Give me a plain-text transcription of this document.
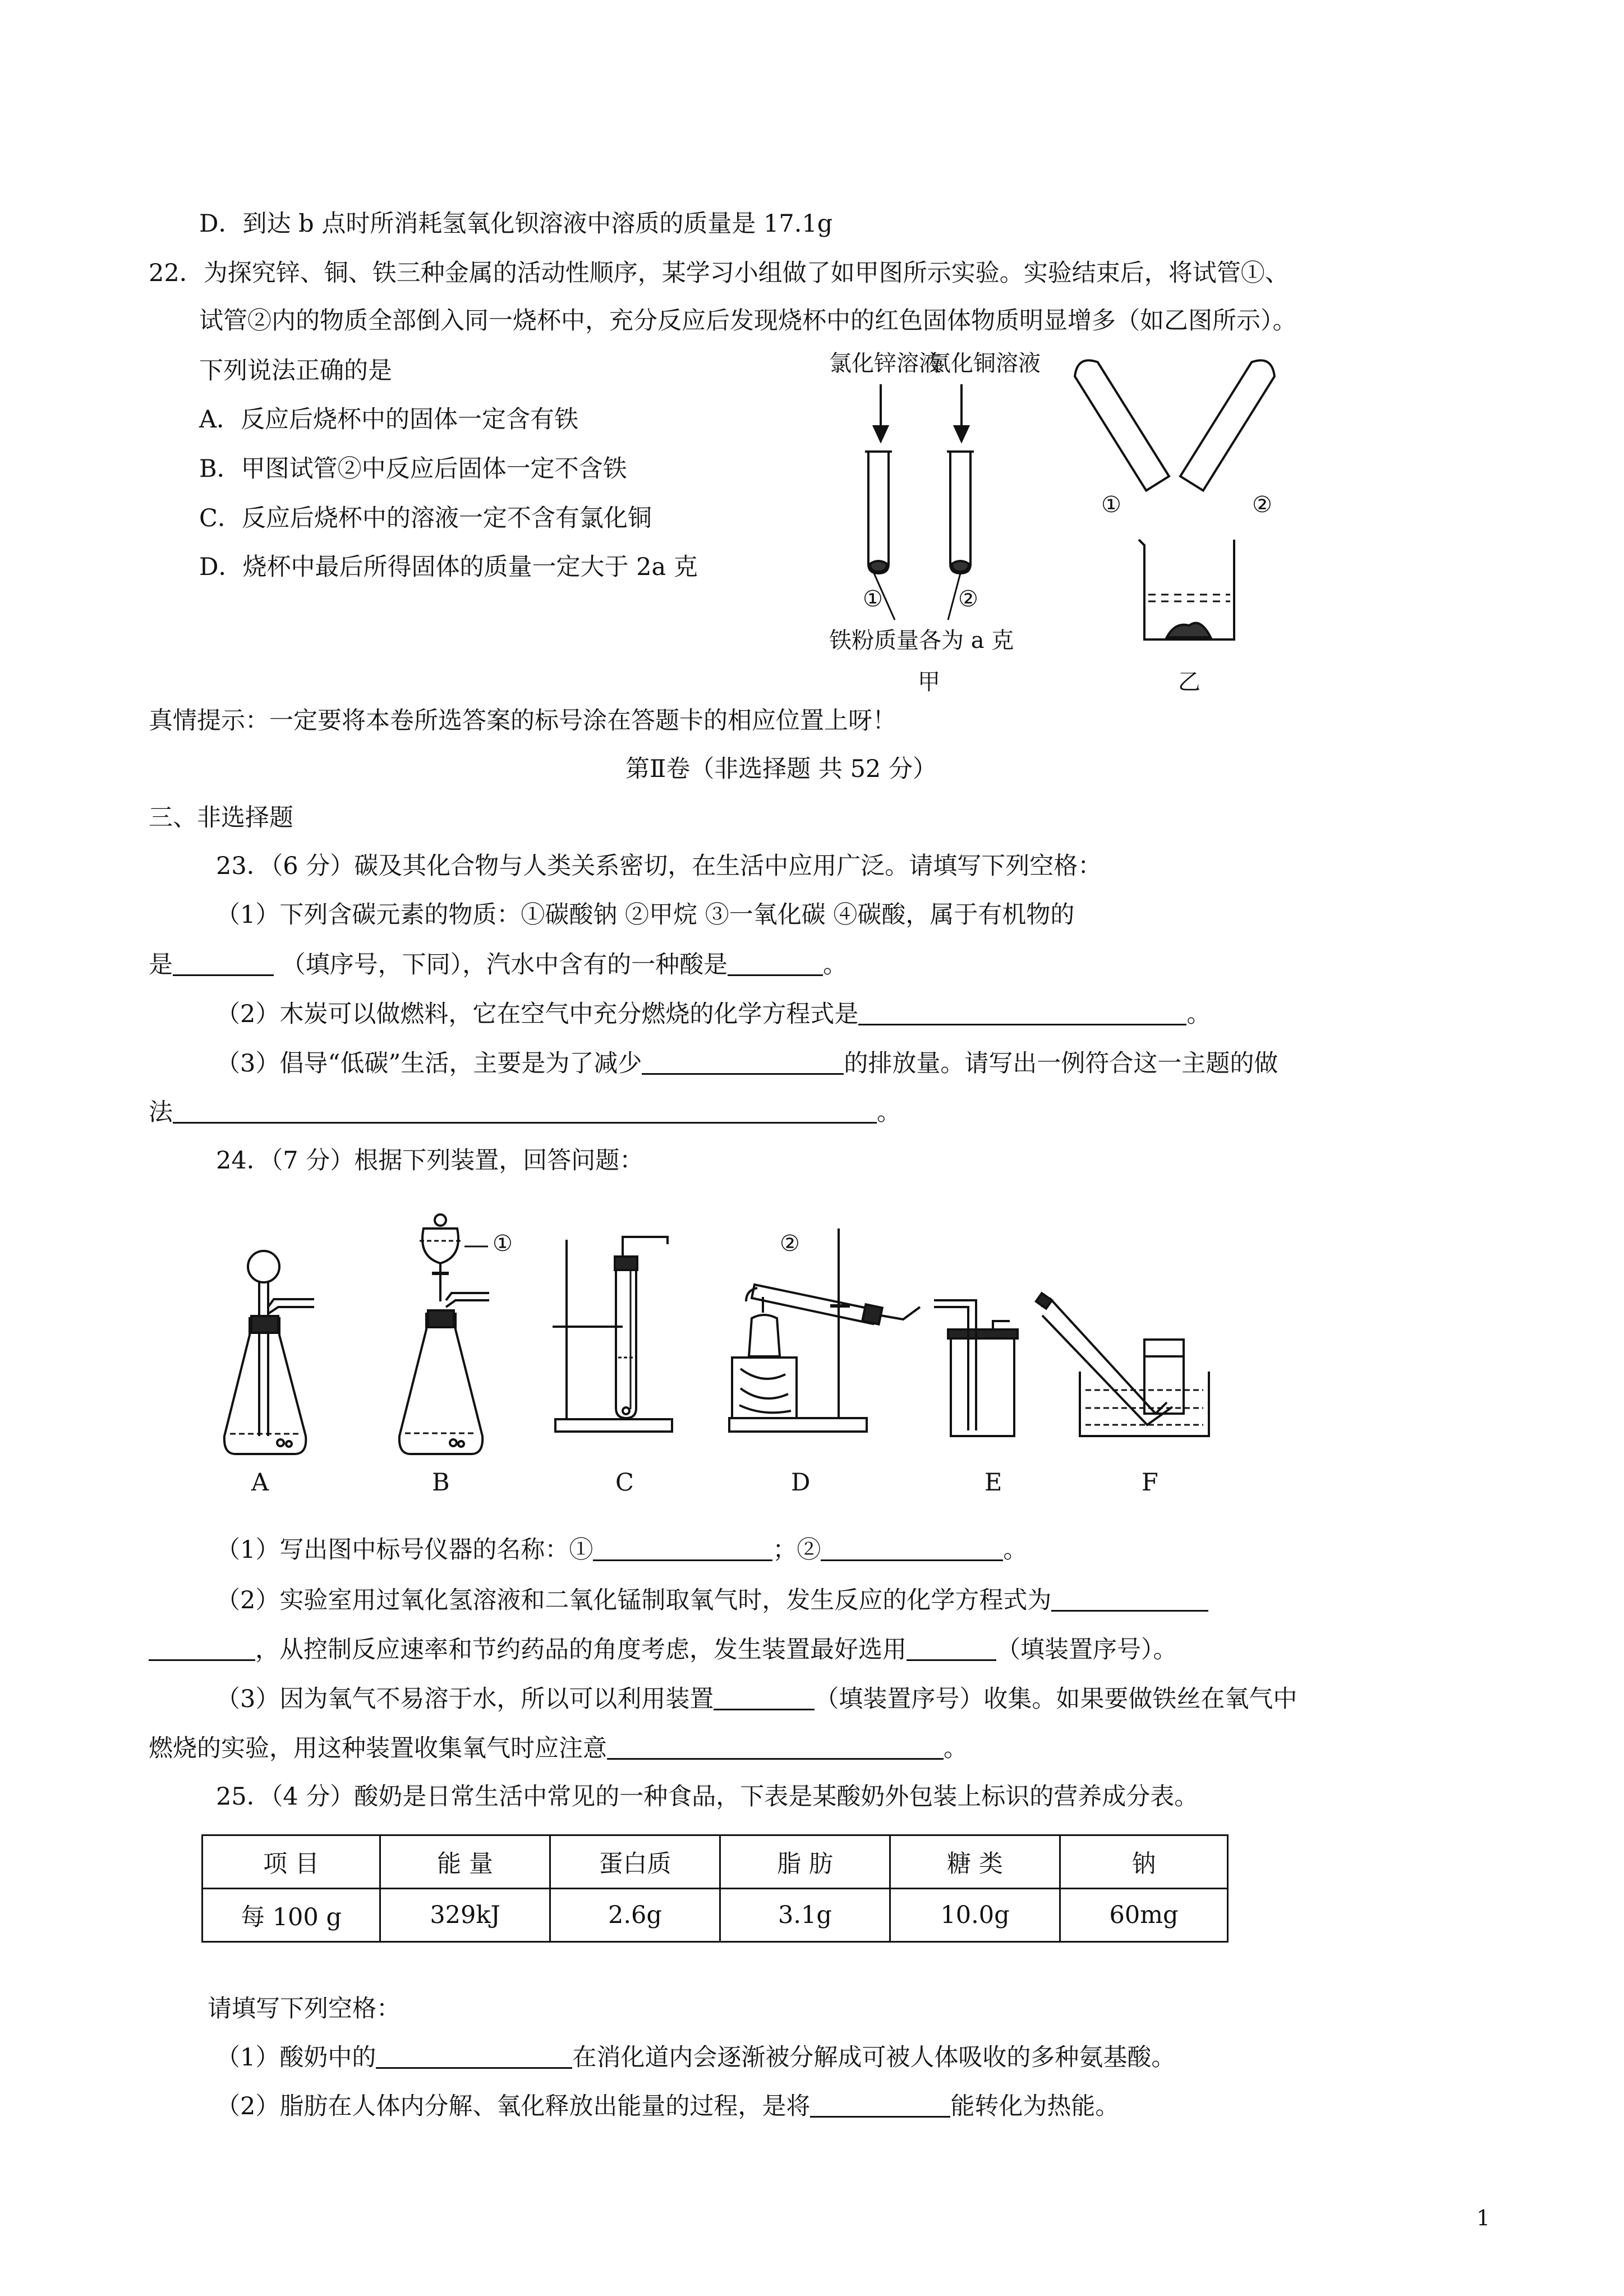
D．到达 b 点时所消耗氢氧化钡溶液中溶质的质量是 17.1g
22．为探究锌、铜、铁三种金属的活动性顺序，某学习小组做了如甲图所示实验。实验结束后，将试管①、
试管②内的物质全部倒入同一烧杯中，充分反应后发现烧杯中的红色固体物质明显增多（如乙图所示）。
下列说法正确的是
A．反应后烧杯中的固体一定含有铁
B．甲图试管②中反应后固体一定不含铁
C．反应后烧杯中的溶液一定不含有氯化铜
D．烧杯中最后所得固体的质量一定大于 2a 克
氯化锌溶液
氯化铜溶液
①	②
铁粉质量各为 a 克
甲	乙
①	②
真情提示：一定要将本卷所选答案的标号涂在答题卡的相应位置上呀！
第Ⅱ卷（非选择题 共 52 分）
三、非选择题
23．（6 分）碳及其化合物与人类关系密切，在生活中应用广泛。请填写下列空格：
（1）下列含碳元素的物质：①碳酸钠 ②甲烷 ③一氧化碳 ④碳酸，属于有机物的
是	（填序号，下同），汽水中含有的一种酸是	。
（2）木炭可以做燃料，它在空气中充分燃烧的化学方程式是	。
（3）倡导“低碳”生活，主要是为了减少	的排放量。请写出一例符合这一主题的做
法	。
24．（7 分）根据下列装置，回答问题：
①	②
A	B	C	D	E	F
（1）写出图中标号仪器的名称：①	；②	。
（2）实验室用过氧化氢溶液和二氧化锰制取氧气时，发生反应的化学方程式为
，从控制反应速率和节约药品的角度考虑，发生装置最好选用	（填装置序号）。
（3）因为氧气不易溶于水，所以可以利用装置	（填装置序号）收集。如果要做铁丝在氧气中
燃烧的实验，用这种装置收集氧气时应注意	。
25．（4 分）酸奶是日常生活中常见的一种食品，下表是某酸奶外包装上标识的营养成分表。
项 目	能 量	蛋白质	脂 肪	糖 类	钠
每 100 g	329kJ	2.6g	3.1g	10.0g	60mg
请填写下列空格：
（1）酸奶中的	在消化道内会逐渐被分解成可被人体吸收的多种氨基酸。
（2）脂肪在人体内分解、氧化释放出能量的过程，是将	能转化为热能。
1
